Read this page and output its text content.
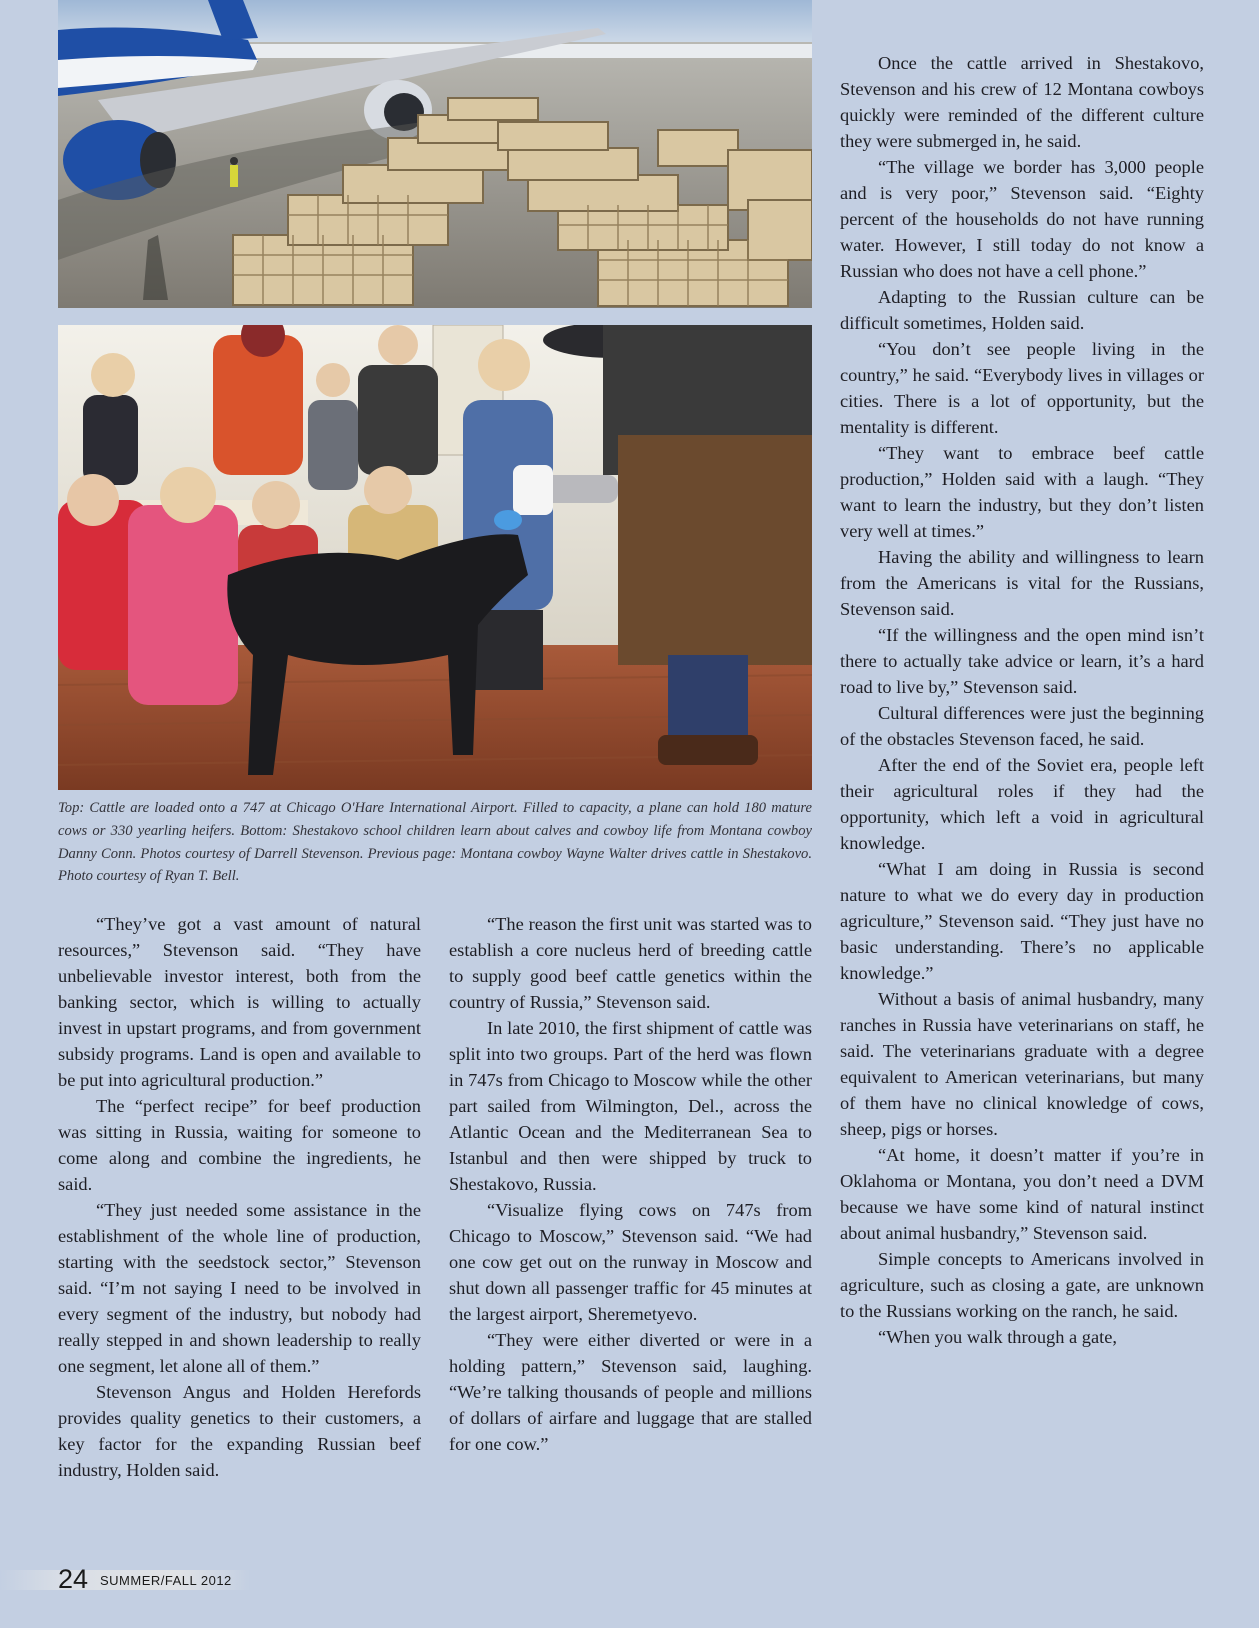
Top: Cattle are loaded onto a 747 at Chicago O'Hare International Airport. Filled to capacity, a plane can hold 180 mature cows or 330 yearling heifers. Bottom: Shestakovo school children learn about calves and cowboy life from Montana cowboy Danny Conn. Photos courtesy of Darrell Stevenson. Previous page: Montana cowboy Wayne Walter drives cattle in Shestakovo. Photo courtesy of Ryan T. Bell.

“They’ve got a vast amount of natural resources,” Stevenson said. “They have unbelievable investor interest, both from the banking sector, which is willing to actually invest in upstart programs, and from government subsidy programs. Land is open and available to be put into agricultural production.”

The “perfect recipe” for beef production was sitting in Russia, waiting for someone to come along and combine the ingredients, he said.

“They just needed some assistance in the establishment of the whole line of production, starting with the seedstock sector,” Stevenson said. “I’m not saying I need to be involved in every segment of the industry, but nobody had really stepped in and shown leadership to really one segment, let alone all of them.”

Stevenson Angus and Holden Herefords provides quality genetics to their customers, a key factor for the expanding Russian beef industry, Holden said.

“The reason the first unit was started was to establish a core nucleus herd of breeding cattle to supply good beef cattle genetics within the country of Russia,” Stevenson said.

In late 2010, the first shipment of cattle was split into two groups. Part of the herd was flown in 747s from Chicago to Moscow while the other part sailed from Wilmington, Del., across the Atlantic Ocean and the Mediterranean Sea to Istanbul and then were shipped by truck to Shestakovo, Russia.

“Visualize flying cows on 747s from Chicago to Moscow,” Stevenson said. “We had one cow get out on the runway in Moscow and shut down all passenger traffic for 45 minutes at the largest airport, Sheremetyevo.

“They were either diverted or were in a holding pattern,” Stevenson said, laughing. “We’re talking thousands of people and millions of dollars of airfare and luggage that are stalled for one cow.”

Once the cattle arrived in Shestakovo, Stevenson and his crew of 12 Montana cowboys quickly were reminded of the different culture they were submerged in, he said.

“The village we border has 3,000 people and is very poor,” Stevenson said. “Eighty percent of the households do not have running water. However, I still today do not know a Russian who does not have a cell phone.”

Adapting to the Russian culture can be difficult sometimes, Holden said.

“You don’t see people living in the country,” he said. “Everybody lives in villages or cities. There is a lot of opportunity, but the mentality is different.

“They want to embrace beef cattle production,” Holden said with a laugh. “They want to learn the industry, but they don’t listen very well at times.”

Having the ability and willingness to learn from the Americans is vital for the Russians, Stevenson said.

“If the willingness and the open mind isn’t there to actually take advice or learn, it’s a hard road to live by,” Stevenson said.

Cultural differences were just the beginning of the obstacles Stevenson faced, he said.

After the end of the Soviet era, people left their agricultural roles if they had the opportunity, which left a void in agricultural knowledge.

“What I am doing in Russia is second nature to what we do every day in production agriculture,” Stevenson said. “They just have no basic understanding. There’s no applicable knowledge.”

Without a basis of animal husbandry, many ranches in Russia have veterinarians on staff, he said. The veterinarians graduate with a degree equivalent to American veterinarians, but many of them have no clinical knowledge of cows, sheep, pigs or horses.

“At home, it doesn’t matter if you’re in Oklahoma or Montana, you don’t need a DVM because we have some kind of natural instinct about animal husbandry,” Stevenson said.

Simple concepts to Americans involved in agriculture, such as closing a gate, are unknown to the Russians working on the ranch, he said.

“When you walk through a gate,

24 SUMMER/FALL 2012
